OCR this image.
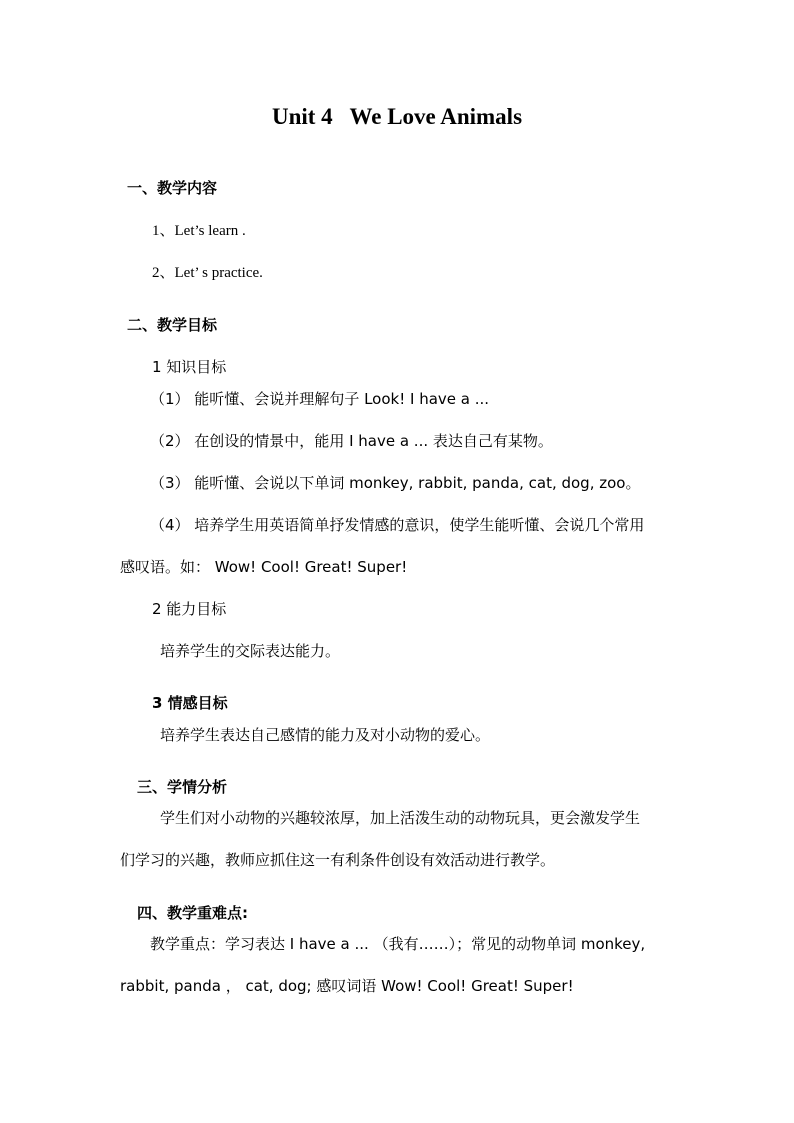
Unit 4   We Love Animals
一、教学内容
1、Let’s learn .
2、Let’ s practice.
二、教学目标
1 知识目标
（1） 能听懂、会说并理解句子 Look! I have a ...
（2） 在创设的情景中，能用 I have a ... 表达自己有某物。
（3） 能听懂、会说以下单词 monkey, rabbit, panda, cat, dog, zoo。
（4） 培养学生用英语简单抒发情感的意识，使学生能听懂、会说几个常用
感叹语。如： Wow! Cool! Great! Super!
2 能力目标
培养学生的交际表达能力。
3 情感目标
培养学生表达自己感情的能力及对小动物的爱心。
三、学情分析
学生们对小动物的兴趣较浓厚，加上活泼生动的动物玩具，更会激发学生
们学习的兴趣，教师应抓住这一有利条件创设有效活动进行教学。
四、教学重难点:
教学重点：学习表达 I have a ... （我有……）；常见的动物单词 monkey,
rabbit, panda ， cat, dog; 感叹词语 Wow! Cool! Great! Super!
